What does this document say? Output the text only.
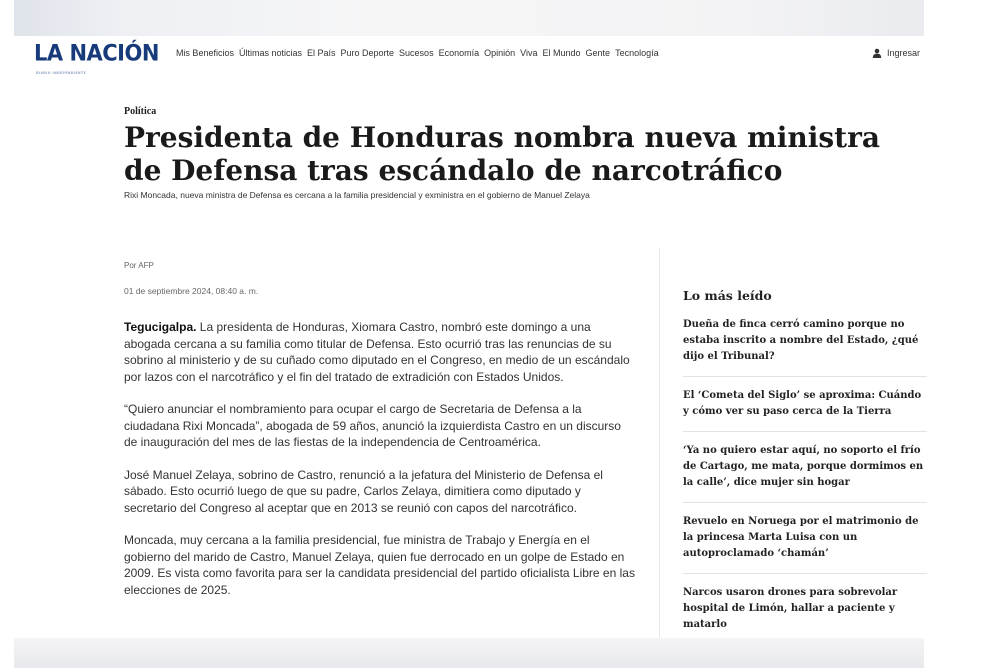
LA NACIÓN
DIARIO INDEPENDIENTE
Mis Beneficios Últimas noticias El País Puro Deporte Sucesos Economía Opinión Viva El Mundo Gente Tecnología	Ingresar
Política
Presidenta de Honduras nombra nueva ministra de Defensa tras escándalo de narcotráfico
Rixi Moncada, nueva ministra de Defensa es cercana a la familia presidencial y exministra en el gobierno de Manuel Zelaya
Por AFP
01 de septiembre 2024, 08:40 a. m.

Tegucigalpa. La presidenta de Honduras, Xiomara Castro, nombró este domingo a una abogada cercana a su familia como titular de Defensa. Esto ocurrió tras las renuncias de su sobrino al ministerio y de su cuñado como diputado en el Congreso, en medio de un escándalo por lazos con el narcotráfico y el fin del tratado de extradición con Estados Unidos.

“Quiero anunciar el nombramiento para ocupar el cargo de Secretaria de Defensa a la ciudadana Rixi Moncada”, abogada de 59 años, anunció la izquierdista Castro en un discurso de inauguración del mes de las fiestas de la independencia de Centroamérica.

José Manuel Zelaya, sobrino de Castro, renunció a la jefatura del Ministerio de Defensa el sábado. Esto ocurrió luego de que su padre, Carlos Zelaya, dimitiera como diputado y secretario del Congreso al aceptar que en 2013 se reunió con capos del narcotráfico.

Moncada, muy cercana a la familia presidencial, fue ministra de Trabajo y Energía en el gobierno del marido de Castro, Manuel Zelaya, quien fue derrocado en un golpe de Estado en 2009. Es vista como favorita para ser la candidata presidencial del partido oficialista Libre en las elecciones de 2025.

Lo más leído
Dueña de finca cerró camino porque no estaba inscrito a nombre del Estado, ¿qué dijo el Tribunal?
El ‘Cometa del Siglo’ se aproxima: Cuándo y cómo ver su paso cerca de la Tierra
‘Ya no quiero estar aquí, no soporto el frío de Cartago, me mata, porque dormimos en la calle’, dice mujer sin hogar
Revuelo en Noruega por el matrimonio de la princesa Marta Luisa con un autoproclamado ‘chamán’
Narcos usaron drones para sobrevolar hospital de Limón, hallar a paciente y matarlo
